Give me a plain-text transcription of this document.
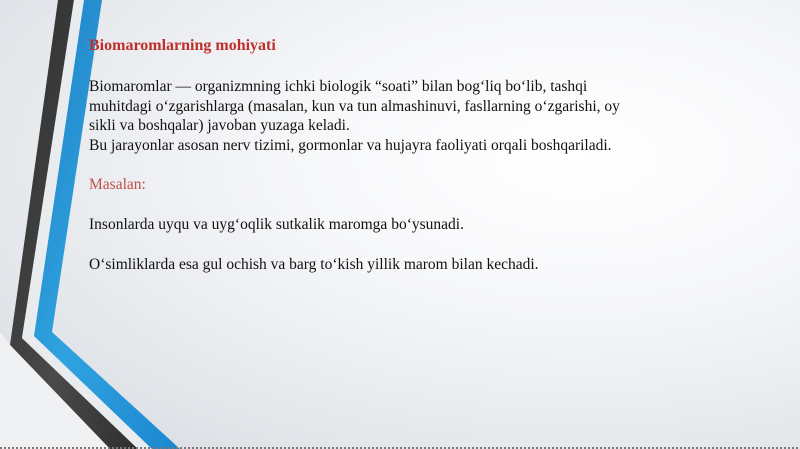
Biomaromlarning mohiyati

Biomaromlar — organizmning ichki biologik “soati” bilan bog‘liq bo‘lib, tashqi

muhitdagi o‘zgarishlarga (masalan, kun va tun almashinuvi, fasllarning o‘zgarishi, oy

sikli va boshqalar) javoban yuzaga keladi.

Bu jarayonlar asosan nerv tizimi, gormonlar va hujayra faoliyati orqali boshqariladi.

Masalan:

Insonlarda uyqu va uyg‘oqlik sutkalik maromga bo‘ysunadi.

O‘simliklarda esa gul ochish va barg to‘kish yillik marom bilan kechadi.
